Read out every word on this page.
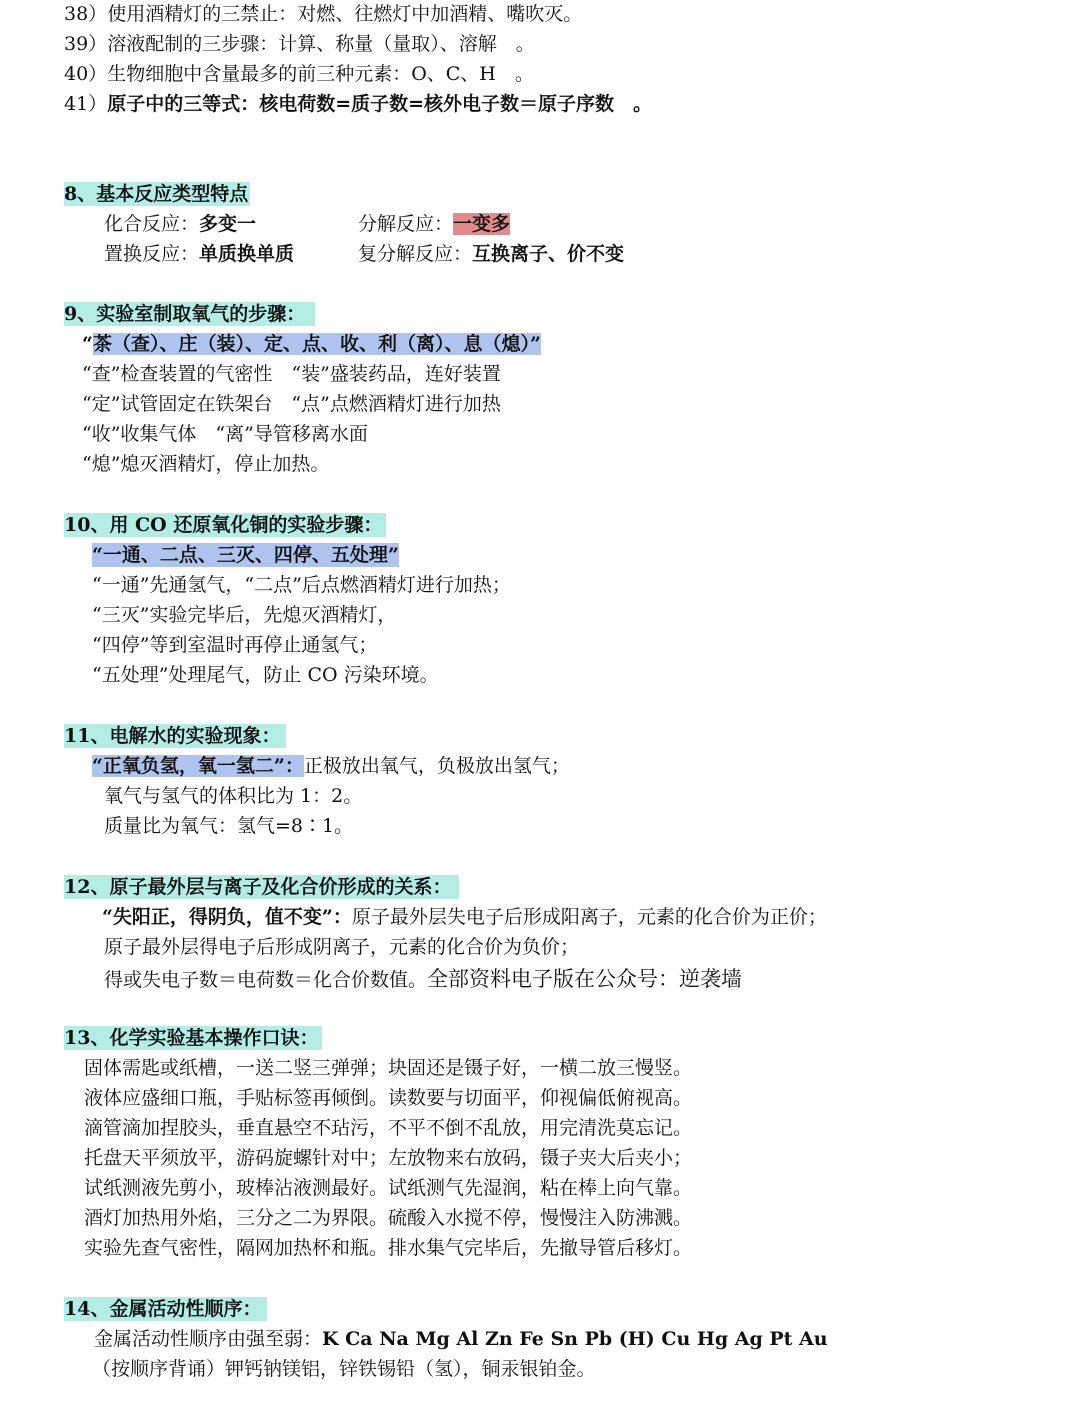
38）使用酒精灯的三禁止：对燃、往燃灯中加酒精、嘴吹灭。
39）溶液配制的三步骤：计算、称量（量取）、溶解　。
40）生物细胞中含量最多的前三种元素：O、C、H　。
41）原子中的三等式：核电荷数=质子数=核外电子数＝原子序数　。
8、基本反应类型特点
化合反应：多变一	分解反应：一变多
置换反应：单质换单质	复分解反应：互换离子、价不变
9、实验室制取氧气的步骤：
“茶（查）、庄（装）、定、点、收、利（离）、息（熄）”
“查”检查装置的气密性　“装”盛装药品，连好装置
“定”试管固定在铁架台　“点”点燃酒精灯进行加热
“收”收集气体　“离”导管移离水面
“熄”熄灭酒精灯，停止加热。
10、用 CO 还原氧化铜的实验步骤：
“一通、二点、三灭、四停、五处理”
“一通”先通氢气，“二点”后点燃酒精灯进行加热；
“三灭”实验完毕后，先熄灭酒精灯，
“四停”等到室温时再停止通氢气；
“五处理”处理尾气，防止 CO 污染环境。
11、电解水的实验现象：
“正氧负氢，氧一氢二”：正极放出氧气，负极放出氢气；
氧气与氢气的体积比为 1：2。
质量比为氧气：氢气=8∶1。
12、原子最外层与离子及化合价形成的关系：
“失阳正，得阴负，值不变”：原子最外层失电子后形成阳离子，元素的化合价为正价；
原子最外层得电子后形成阴离子，元素的化合价为负价；
得或失电子数＝电荷数＝化合价数值。全部资料电子版在公众号：逆袭墙
13、化学实验基本操作口诀：
固体需匙或纸槽，一送二竖三弹弹；块固还是镊子好，一横二放三慢竖。
液体应盛细口瓶，手贴标签再倾倒。读数要与切面平，仰视偏低俯视高。
滴管滴加捏胶头，垂直悬空不玷污，不平不倒不乱放，用完清洗莫忘记。
托盘天平须放平，游码旋螺针对中；左放物来右放码，镊子夹大后夹小；
试纸测液先剪小，玻棒沾液测最好。试纸测气先湿润，粘在棒上向气靠。
酒灯加热用外焰，三分之二为界限。硫酸入水搅不停，慢慢注入防沸溅。
实验先查气密性，隔网加热杯和瓶。排水集气完毕后，先撤导管后移灯。
14、金属活动性顺序：
金属活动性顺序由强至弱：K Ca Na Mg Al Zn Fe Sn Pb (H) Cu Hg Ag Pt Au
（按顺序背诵）钾钙钠镁铝，锌铁锡铅（氢），铜汞银铂金。
